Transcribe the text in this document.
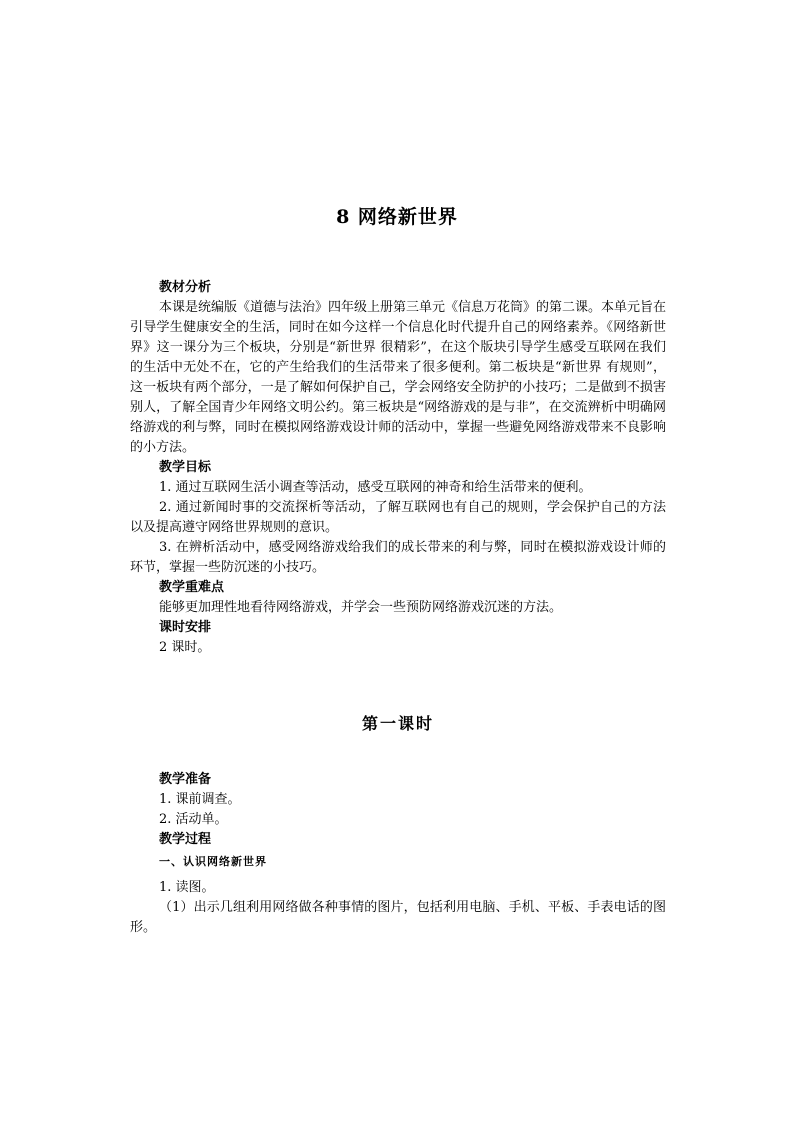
8 网络新世界
教材分析
本课是统编版《道德与法治》四年级上册第三单元《信息万花筒》的第二课。本单元旨在引导学生健康安全的生活，同时在如今这样一个信息化时代提升自己的网络素养。《网络新世界》这一课分为三个板块，分别是“新世界 很精彩”，在这个版块引导学生感受互联网在我们的生活中无处不在，它的产生给我们的生活带来了很多便利。第二板块是“新世界 有规则”，这一板块有两个部分，一是了解如何保护自己，学会网络安全防护的小技巧；二是做到不损害别人，了解全国青少年网络文明公约。第三板块是“网络游戏的是与非”，在交流辨析中明确网络游戏的利与弊，同时在模拟网络游戏设计师的活动中，掌握一些避免网络游戏带来不良影响的小方法。
教学目标
1. 通过互联网生活小调查等活动，感受互联网的神奇和给生活带来的便利。
2. 通过新闻时事的交流探析等活动，了解互联网也有自己的规则，学会保护自己的方法以及提高遵守网络世界规则的意识。
3. 在辨析活动中，感受网络游戏给我们的成长带来的利与弊，同时在模拟游戏设计师的环节，掌握一些防沉迷的小技巧。
教学重难点
能够更加理性地看待网络游戏，并学会一些预防网络游戏沉迷的方法。
课时安排
2 课时。
第一课时
教学准备
1. 课前调查。
2. 活动单。
教学过程
一、认识网络新世界
1. 读图。
（1）出示几组利用网络做各种事情的图片，包括利用电脑、手机、平板、手表电话的图形。
